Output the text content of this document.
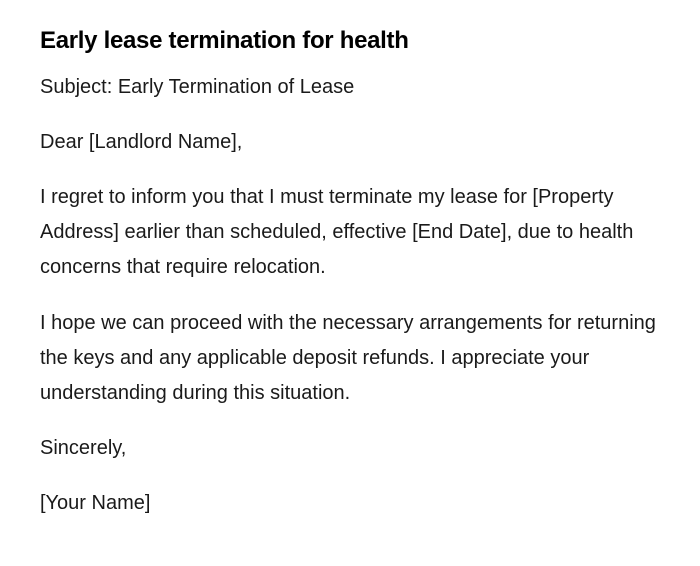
Early lease termination for health

Subject: Early Termination of Lease

Dear [Landlord Name],

I regret to inform you that I must terminate my lease for [Property Address] earlier than scheduled, effective [End Date], due to health concerns that require relocation.

I hope we can proceed with the necessary arrangements for returning the keys and any applicable deposit refunds. I appreciate your understanding during this situation.

Sincerely,

[Your Name]
